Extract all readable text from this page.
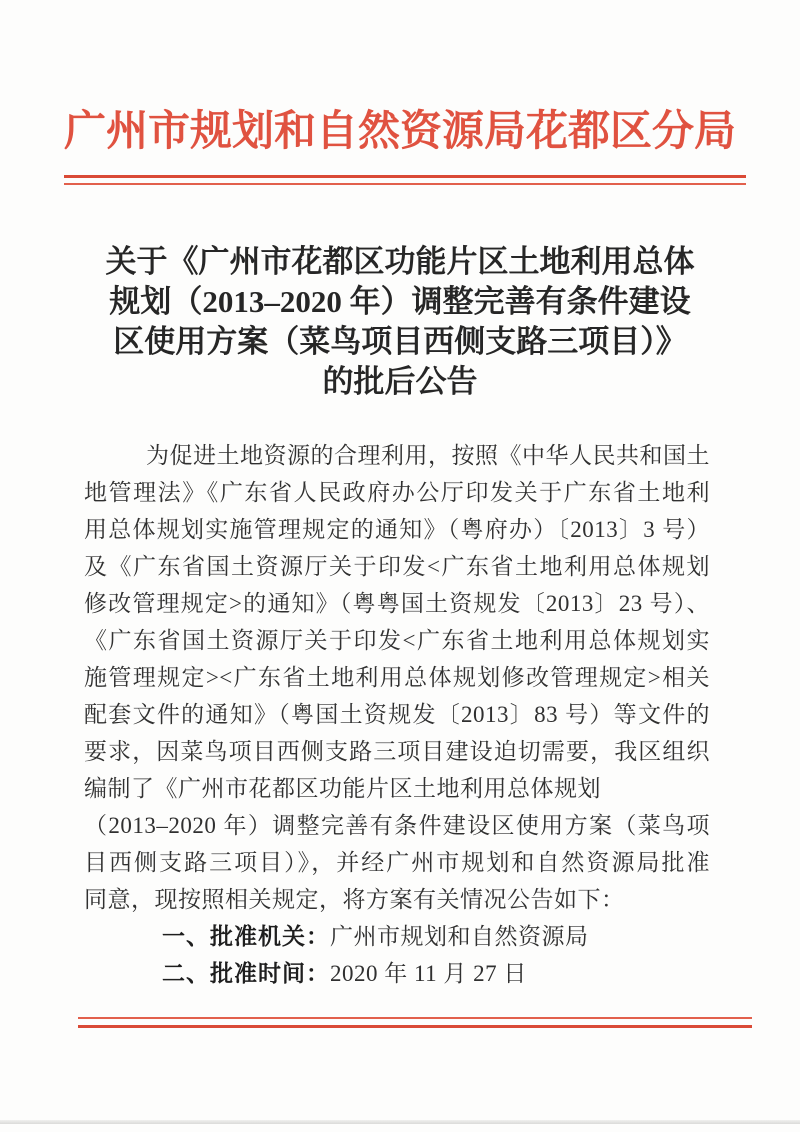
广州市规划和自然资源局花都区分局
关于《广州市花都区功能片区土地利用总体
规划（2013–2020 年）调整完善有条件建设
区使用方案（菜鸟项目西侧支路三项目）》
的批后公告
为促进土地资源的合理利用，按照《中华人民共和国土
地管理法》《广东省人民政府办公厅印发关于广东省土地利
用总体规划实施管理规定的通知》（粤府办）〔2013〕3 号）
及《广东省国土资源厅关于印发<广东省土地利用总体规划
修改管理规定>的通知》（粤粤国土资规发〔2013〕23 号）、
《广东省国土资源厅关于印发<广东省土地利用总体规划实
施管理规定><广东省土地利用总体规划修改管理规定>相关
配套文件的通知》（粤国土资规发〔2013〕83 号）等文件的
要求，因菜鸟项目西侧支路三项目建设迫切需要，我区组织
编制了《广州市花都区功能片区土地利用总体规划
（2013–2020 年）调整完善有条件建设区使用方案（菜鸟项
目西侧支路三项目）》，并经广州市规划和自然资源局批准
同意，现按照相关规定，将方案有关情况公告如下：
一、批准机关：广州市规划和自然资源局
二、批准时间：2020 年 11 月 27 日
